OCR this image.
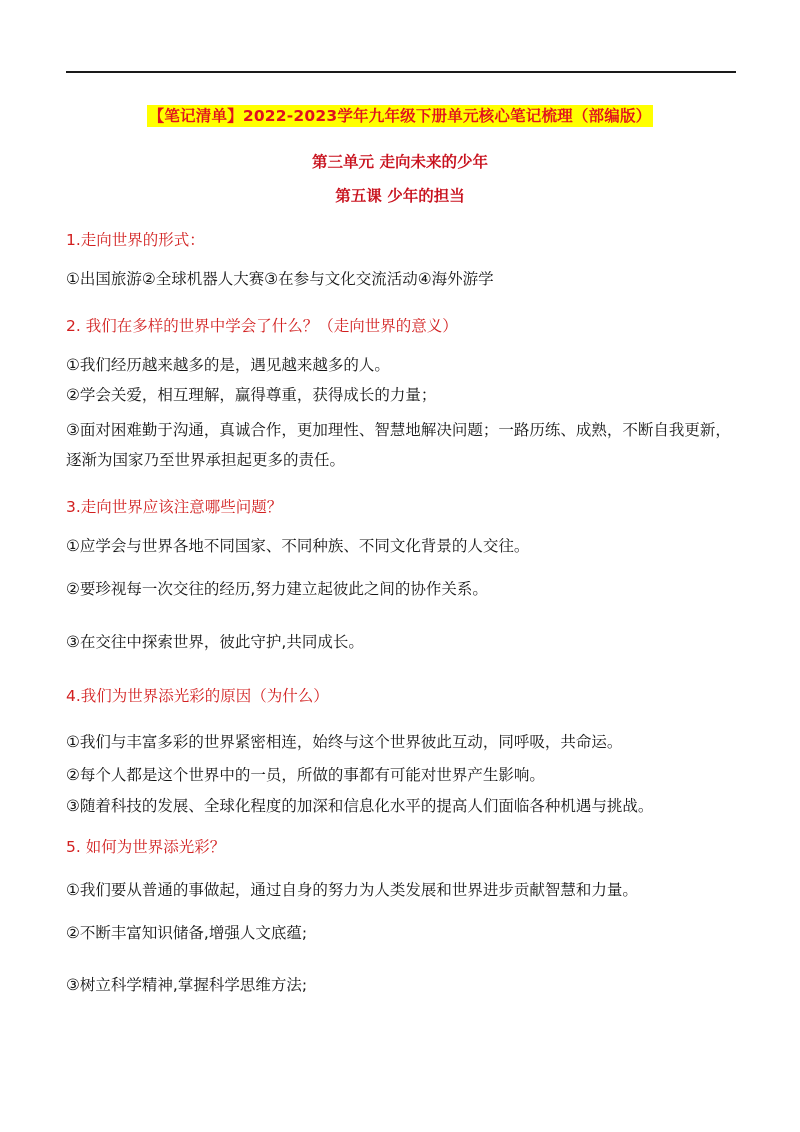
【笔记清单】2022-2023学年九年级下册单元核心笔记梳理（部编版）
第三单元 走向未来的少年
第五课 少年的担当
1.走向世界的形式：
①出国旅游②全球机器人大赛③在参与文化交流活动④海外游学
2. 我们在多样的世界中学会了什么？（走向世界的意义）
①我们经历越来越多的是，遇见越来越多的人。
②学会关爱，相互理解，赢得尊重，获得成长的力量；
③面对困难勤于沟通，真诚合作，更加理性、智慧地解决问题；一路历练、成熟，不断自我更新，逐渐为国家乃至世界承担起更多的责任。
3.走向世界应该注意哪些问题？
①应学会与世界各地不同国家、不同种族、不同文化背景的人交往。
②要珍视每一次交往的经历,努力建立起彼此之间的协作关系。
③在交往中探索世界，彼此守护,共同成长。
4.我们为世界添光彩的原因（为什么）
①我们与丰富多彩的世界紧密相连，始终与这个世界彼此互动，同呼吸，共命运。
②每个人都是这个世界中的一员，所做的事都有可能对世界产生影响。
③随着科技的发展、全球化程度的加深和信息化水平的提高人们面临各种机遇与挑战。
5. 如何为世界添光彩？
①我们要从普通的事做起，通过自身的努力为人类发展和世界进步贡献智慧和力量。
②不断丰富知识储备,增强人文底蕴;
③树立科学精神,掌握科学思维方法;
